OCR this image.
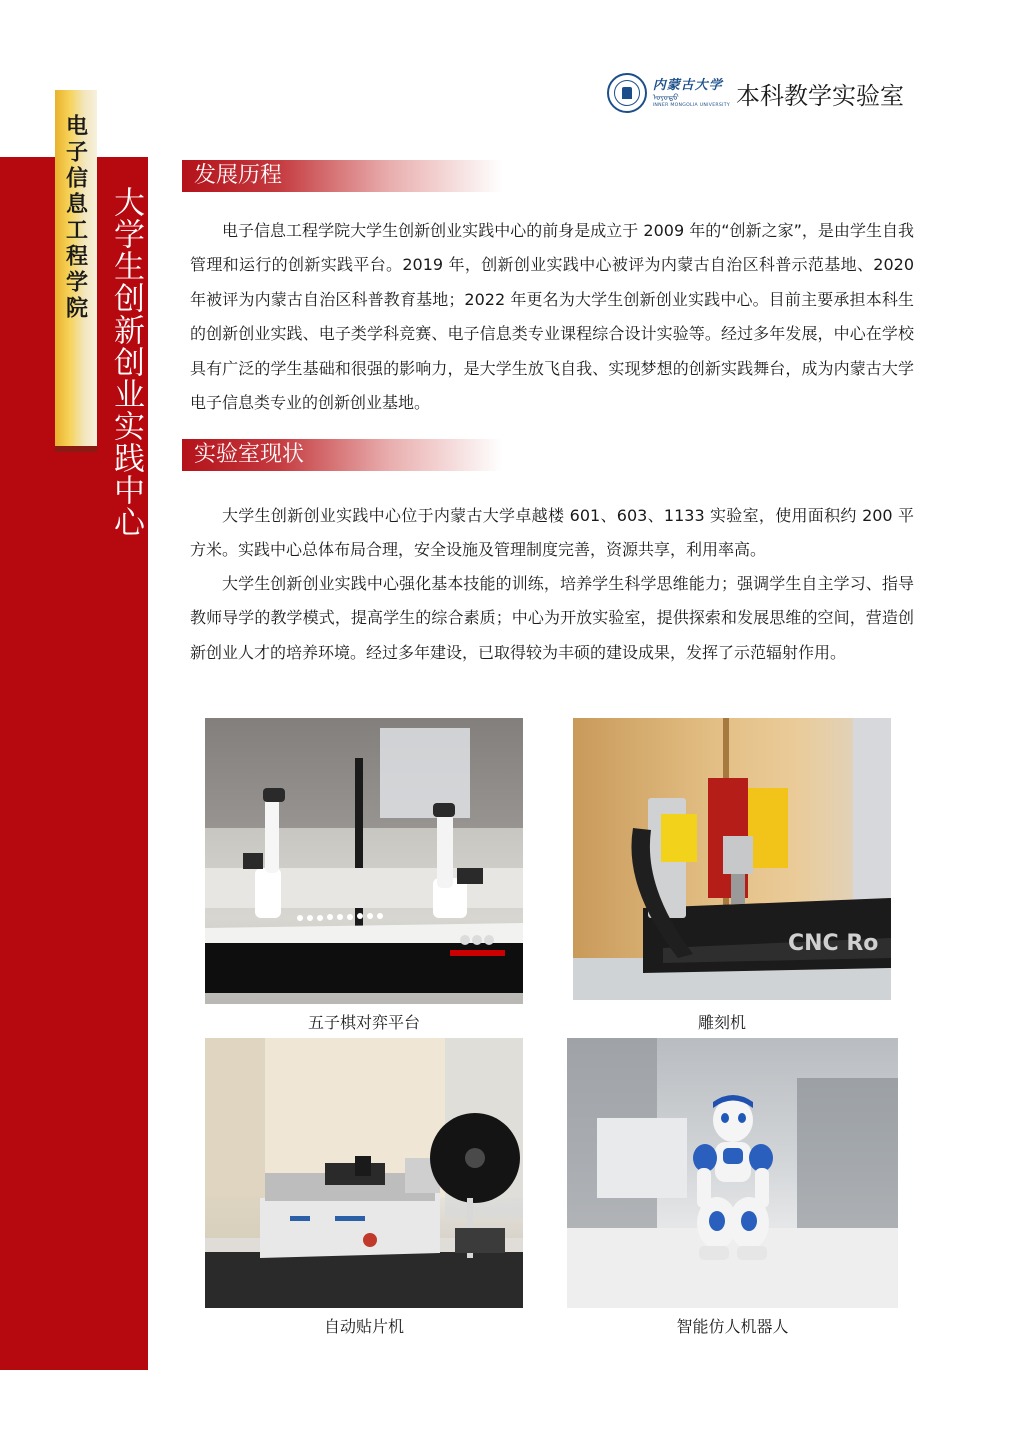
电子信息工程学院 大学生创新创业实践中心
内蒙古大学
ᠣᠶᠣᠲᠤ
INNER MONGOLIA UNIVERSITY 本科教学实验室
发展历程

电子信息工程学院大学生创新创业实践中心的前身是成立于 2009 年的“创新之家”，是由学生自我管理和运行的创新实践平台。2019 年，创新创业实践中心被评为内蒙古自治区科普示范基地、2020 年被评为内蒙古自治区科普教育基地；2022 年更名为大学生创新创业实践中心。目前主要承担本科生的创新创业实践、电子类学科竞赛、电子信息类专业课程综合设计实验等。经过多年发展，中心在学校具有广泛的学生基础和很强的影响力，是大学生放飞自我、实现梦想的创新实践舞台，成为内蒙古大学电子信息类专业的创新创业基地。

实验室现状

大学生创新创业实践中心位于内蒙古大学卓越楼 601、603、1133 实验室，使用面积约 200 平方米。实践中心总体布局合理，安全设施及管理制度完善，资源共享，利用率高。

大学生创新创业实践中心强化基本技能的训练，培养学生科学思维能力；强调学生自主学习、指导教师导学的教学模式，提高学生的综合素质；中心为开放实验室，提供探索和发展思维的空间，营造创新创业人才的培养环境。经过多年建设，已取得较为丰硕的建设成果，发挥了示范辐射作用。

五子棋对弈平台
CNC Ro
雕刻机
自动贴片机	智能仿人机器人
